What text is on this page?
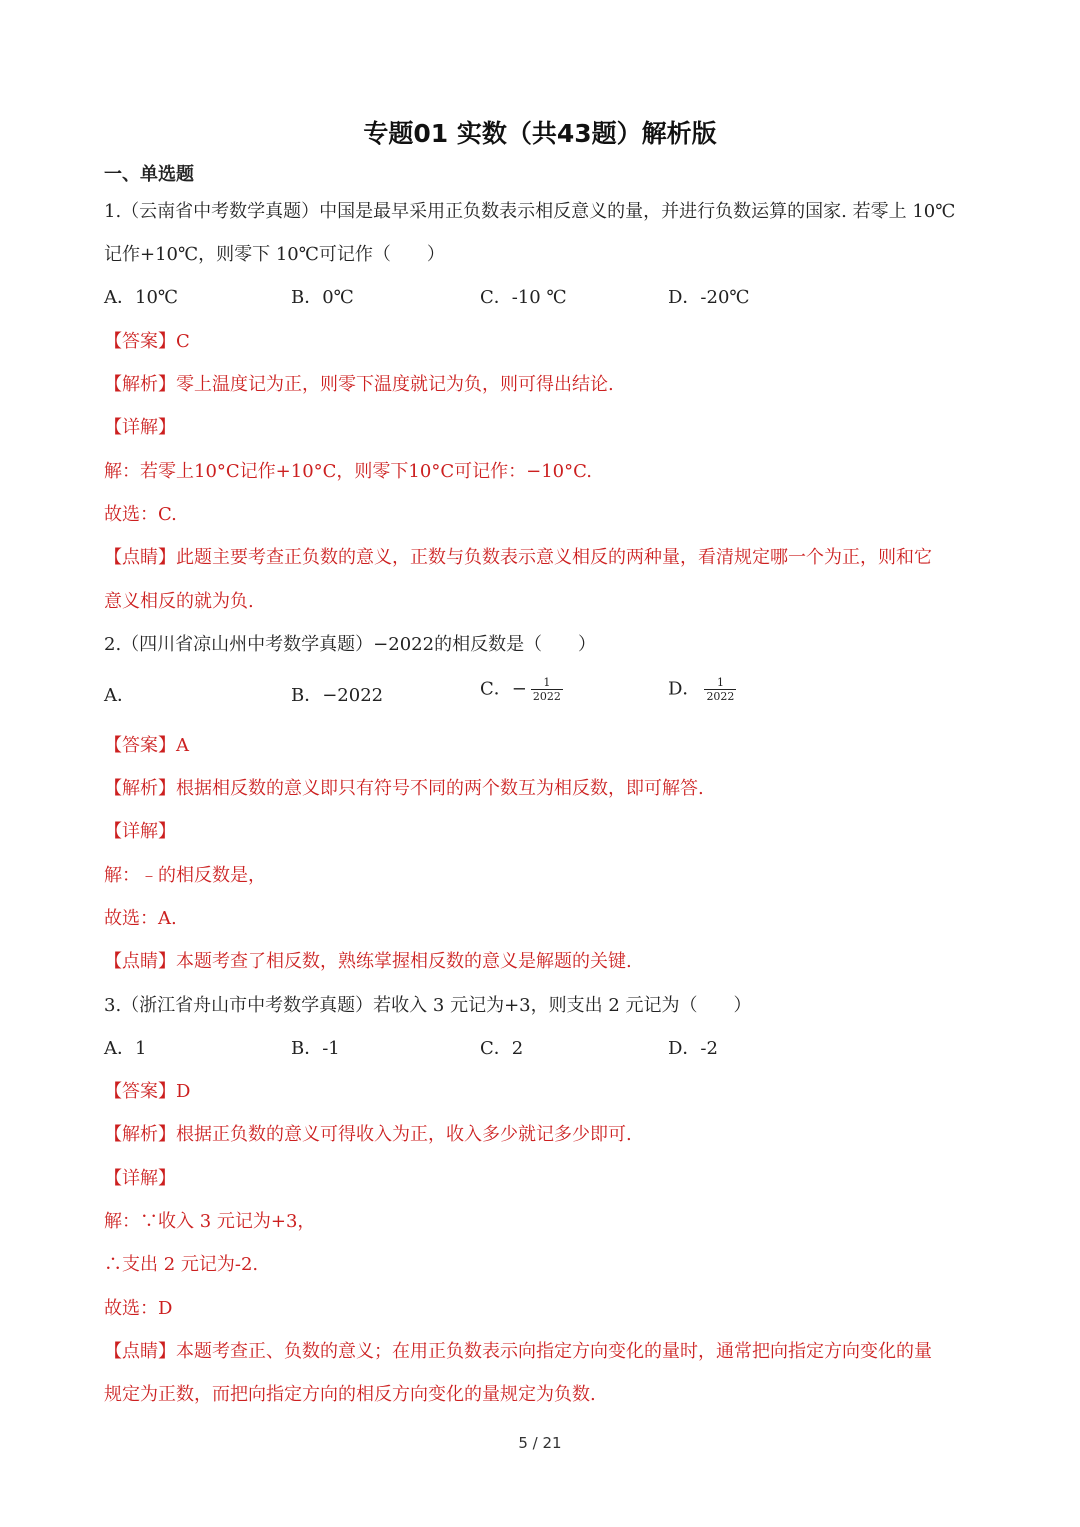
专题01 实数（共43题）解析版
一、单选题
1.（云南省中考数学真题）中国是最早采用正负数表示相反意义的量，并进行负数运算的国家. 若零上 10℃
记作+10℃，则零下 10℃可记作（　　）
A．10℃	B．0℃	C．-10 ℃	D．-20℃
【答案】C
【解析】零上温度记为正，则零下温度就记为负，则可得出结论.
【详解】
解：若零上10°C记作+10°C，则零下10°C可记作：−10°C.
故选：C.
【点睛】此题主要考查正负数的意义，正数与负数表示意义相反的两种量，看清规定哪一个为正，则和它
意义相反的就为负.
2.（四川省凉山州中考数学真题）−2022的相反数是（　　）
A．	B．−2022	C．− $\frac{1}{2022}$	D． $\frac{1}{2022}$
【答案】A
【解析】根据相反数的意义即只有符号不同的两个数互为相反数，即可解答.
【详解】
解：﹣的相反数是，
故选：A.
【点睛】本题考查了相反数，熟练掌握相反数的意义是解题的关键.
3.（浙江省舟山市中考数学真题）若收入 3 元记为+3，则支出 2 元记为（　　）
A．1	B．-1	C．2	D．-2
【答案】D
【解析】根据正负数的意义可得收入为正，收入多少就记多少即可.
【详解】
解：∵收入 3 元记为+3，
∴支出 2 元记为-2.
故选：D
【点睛】本题考查正、负数的意义；在用正负数表示向指定方向变化的量时，通常把向指定方向变化的量
规定为正数，而把向指定方向的相反方向变化的量规定为负数.
5 / 21
